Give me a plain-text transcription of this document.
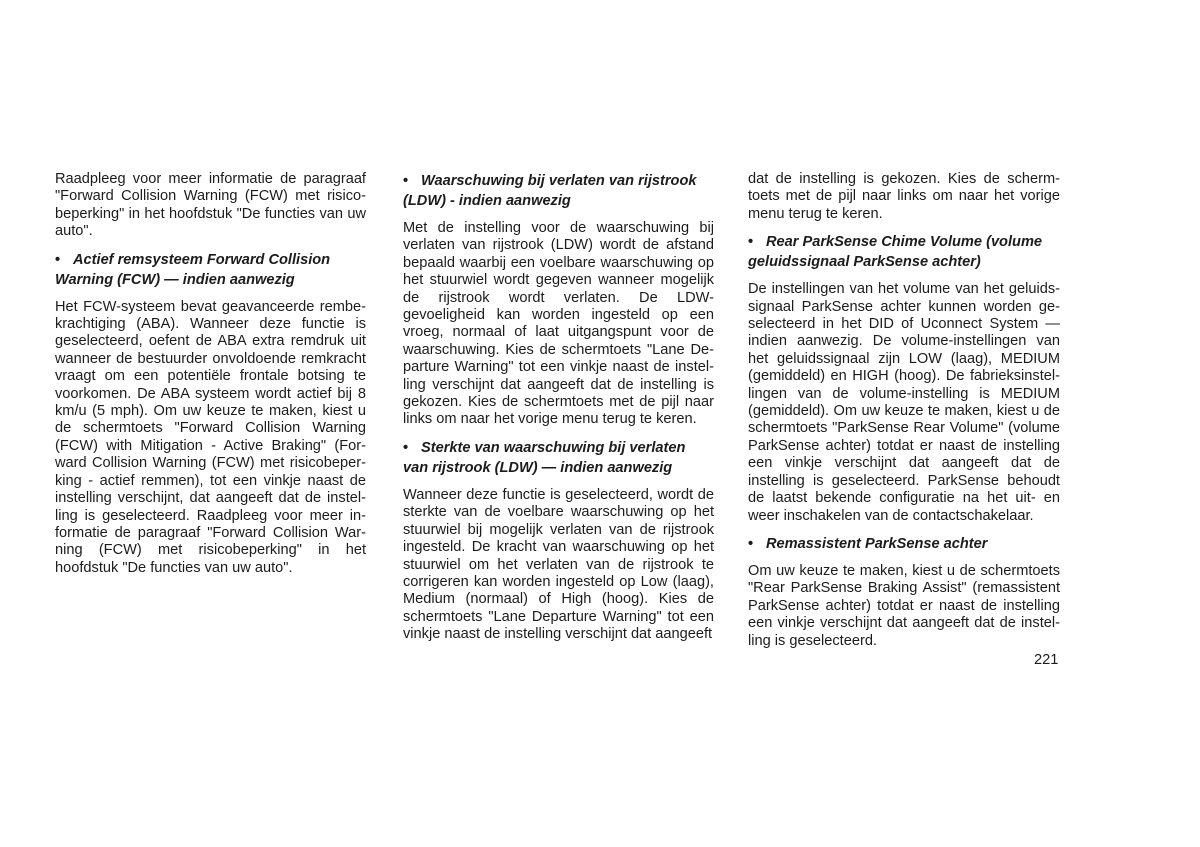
Raadpleeg voor meer informatie de paragraaf "Forward Collision Warning (FCW) met risicobeperking" in het hoofdstuk "De functies van uw auto".

• Actief remsysteem Forward Collision Warning (FCW) — indien aanwezig

Het FCW-systeem bevat geavanceerde rembekrachtiging (ABA). Wanneer deze functie is geselecteerd, oefent de ABA extra remdruk uit wanneer de bestuurder onvoldoende remkracht vraagt om een potentiële frontale botsing te voorkomen. De ABA systeem wordt actief bij 8 km/u (5 mph). Om uw keuze te maken, kiest u de schermtoets "Forward Collision Warning (FCW) with Mitigation - Active Braking" (Forward Collision Warning (FCW) met risicobeperking - actief remmen), tot een vinkje naast de instelling verschijnt, dat aangeeft dat de instelling is geselecteerd. Raadpleeg voor meer informatie de paragraaf "Forward Collision Warning (FCW) met risicobeperking" in het hoofdstuk "De functies van uw auto".

• Waarschuwing bij verlaten van rijstrook (LDW) - indien aanwezig

Met de instelling voor de waarschuwing bij verlaten van rijstrook (LDW) wordt de afstand bepaald waarbij een voelbare waarschuwing op het stuurwiel wordt gegeven wanneer mogelijk de rijstrook wordt verlaten. De LDW-gevoeligheid kan worden ingesteld op een vroeg, normaal of laat uitgangspunt voor de waarschuwing. Kies de schermtoets "Lane Departure Warning" tot een vinkje naast de instelling verschijnt dat aangeeft dat de instelling is gekozen. Kies de schermtoets met de pijl naar links om naar het vorige menu terug te keren.

• Sterkte van waarschuwing bij verlaten van rijstrook (LDW) — indien aanwezig

Wanneer deze functie is geselecteerd, wordt de sterkte van de voelbare waarschuwing op het stuurwiel bij mogelijk verlaten van de rijstrook ingesteld. De kracht van waarschuwing op het stuurwiel om het verlaten van de rijstrook te corrigeren kan worden ingesteld op Low (laag), Medium (normaal) of High (hoog). Kies de schermtoets "Lane Departure Warning" tot een vinkje naast de instelling verschijnt dat aangeeft

dat de instelling is gekozen. Kies de schermtoets met de pijl naar links om naar het vorige menu terug te keren.

• Rear ParkSense Chime Volume (volume geluidssignaal ParkSense achter)

De instellingen van het volume van het geluidssignaal ParkSense achter kunnen worden geselecteerd in het DID of Uconnect System — indien aanwezig. De volume-instellingen van het geluidssignaal zijn LOW (laag), MEDIUM (gemiddeld) en HIGH (hoog). De fabrieksinstellingen van de volume-instelling is MEDIUM (gemiddeld). Om uw keuze te maken, kiest u de schermtoets "ParkSense Rear Volume" (volume ParkSense achter) totdat er naast de instelling een vinkje verschijnt dat aangeeft dat de instelling is geselecteerd. ParkSense behoudt de laatst bekende configuratie na het uit- en weer inschakelen van de contactschakelaar.

• Remassistent ParkSense achter

Om uw keuze te maken, kiest u de schermtoets "Rear ParkSense Braking Assist" (remassistent ParkSense achter) totdat er naast de instelling een vinkje verschijnt dat aangeeft dat de instelling is geselecteerd.

221
